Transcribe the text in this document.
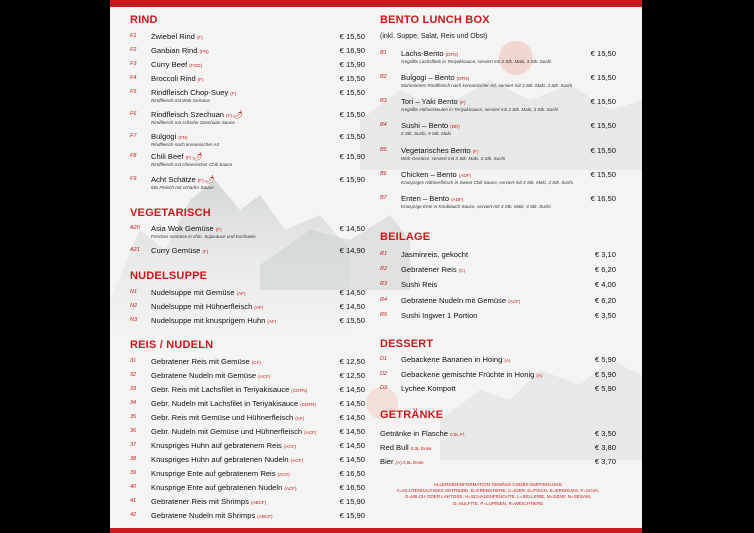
RIND
F1 Zwiebel Rind (F)	€ 15,50
F2 Ganbian Rind (FN)	€ 16,90
F3 Curry Beef (FGD)	€ 15,90
F4 Broccoli Rind (F)	€ 15,50
F5 Rindfleisch Chop-Suey (F)
Rindfleisch mit Wok Gemüse
€ 15,50
F6 Rindfleisch Szechuan (F)🌶
Rindfleisch mit scharfer Szechuan Sauce
€ 15,50
F7 Bulgogi (FN)
Rindfleisch nach koreanischer Art
€ 15,50
F8 Chili Beef (F)🌶
Rindfleisch mit chinesischer Chili Sauce
€ 15,90
F9 Acht Schätze (F)🌶
Mix Fleisch mit scharfer Sauce
€ 15,90
VEGETARISCH
A20 Asia Wok Gemüse (F)
Frisches Gemüse in chin. Sojasauce und Kochwein
€ 14,50
A21 Curry Gemüse (F)	€ 14,90
NUDELSUPPE
N1 Nudelsuppe mit Gemüse (AF)	€ 14,50
N2 Nudelsuppe mit Hühnerfleisch (AF)	€ 14,50
N3 Nudelsuppe mit knusprigem Huhn (AF)	€ 15,50
REIS / NUDELN
31 Gebratener Reis mit Gemüse (CF)	€ 12,50
32 Gebratene Nudeln mit Gemüse (ACF)	€ 12,50
33 Gebr. Reis mit Lachsfilet in Teriyakisauce (CDFN)	€ 14,50
34 Gebr. Nudeln mit Lachsfilet in Teriyakisauce (CDFN)	€ 14,50
35 Gebr. Reis mit Gemüse und Hühnerfleisch (CF)	€ 14,50
36 Gebr. Nudeln mit Gemüse und Hühnerfleisch (ACF)	€ 14,50
37 Knuspriges Huhn auf gebratenem Reis (ACF)	€ 14,50
38 Knuspriges Huhn auf gebratenen Nudeln (ACF)	€ 14,50
39 Knusprige Ente auf gebratenem Reis (ACF)	€ 16,50
40 Knusprige Ente auf gebratenen Nudeln (ACF)	€ 16,50
41 Gebratener Reis mit Shrimps (ABCF)	€ 15,90
42 Gebratene Nudeln mit Shrimps (ABCF)	€ 15,90
BENTO LUNCH BOX
B1 Lachs-Bento (DFN)
Gegrillte Lachsfilets in Teriyakisauce, serviert mit 3 Stk. Maki, 3 Stk. Sushi
€ 15,50
B2 Bulgogi – Bento (DFN)
Marinniertes Rindfleisch nach koreanischer Art, serviert mit 3 Stk. Maki, 3 Stk. Sushi
€ 15,50
B3 Tori – Yaki Bento (F)
Gegrillte Hühnerkeulen in Teriyakisauce, serviert mit 3 Stk. Maki, 3 Stk. Sushi
€ 15,50
B4 Sushi – Bento (BD)
6 Stk. Sushi, 9 Stk. Maki
€ 15,50
B5 Vegetarisches Bento (F)
Wok-Gemüse, serviert mit 3 Stk. Maki, 3 Stk. Sushi
€ 15,50
B6 Chicken – Bento (ADF)
Knuspriges Hühnerfleisch in Sweet Chili Sauce, serviert mit 3 Stk. Maki, 3 Stk. Sushi
€ 15,50
B7 Enten – Bento (ADF)
Knusprige Ente in Knoblauch Sauce, serviert mit 3 Stk. Maki, 3 Stk. Sushi
€ 16,50
(inkl. Suppe, Salat, Reis und Obst)
BEILAGE
R1 Jasminreis, gekocht	€ 3,10
R2 Gebratener Reis (C)	€ 6,20
R3 Sushi Reis	€ 4,00
R4 Gebratene Nudeln mit Gemüse (ACF)	€ 6,20
R5 Sushi Ingwer 1 Portion	€ 3,50
DESSERT
D1 Gebackene Bananen in Hoing (A)	€ 5,90
D2 Gebackene gemischte Früchte in Honig (A)	€ 5,90
D3 Lychee Kompott	€ 5,90
GETRÄNKE
Getränke in Flasche 0,5L Fl.	€ 3,50
Red Bull 0,3L Dose	€ 3,80
Bier (A) 0,5L Dose	€ 3,70
ALLERGENINFORMATION GEMÄSS CODEX-EMPFEHLUNG
A=GLUTENHALTIGES GETREIDE, B=KREBSTIERE, C=EIER, D=FISCH, E=ERDNUSS, F=SOJA,
G=MILCH ODER LAKTOSE, H=SCHALENFRÜCHTE, L=SELLERIE, M=SENF, N=SESAM,
O=SULFITE, P=LUPINEN, R=WEICHTIERE
